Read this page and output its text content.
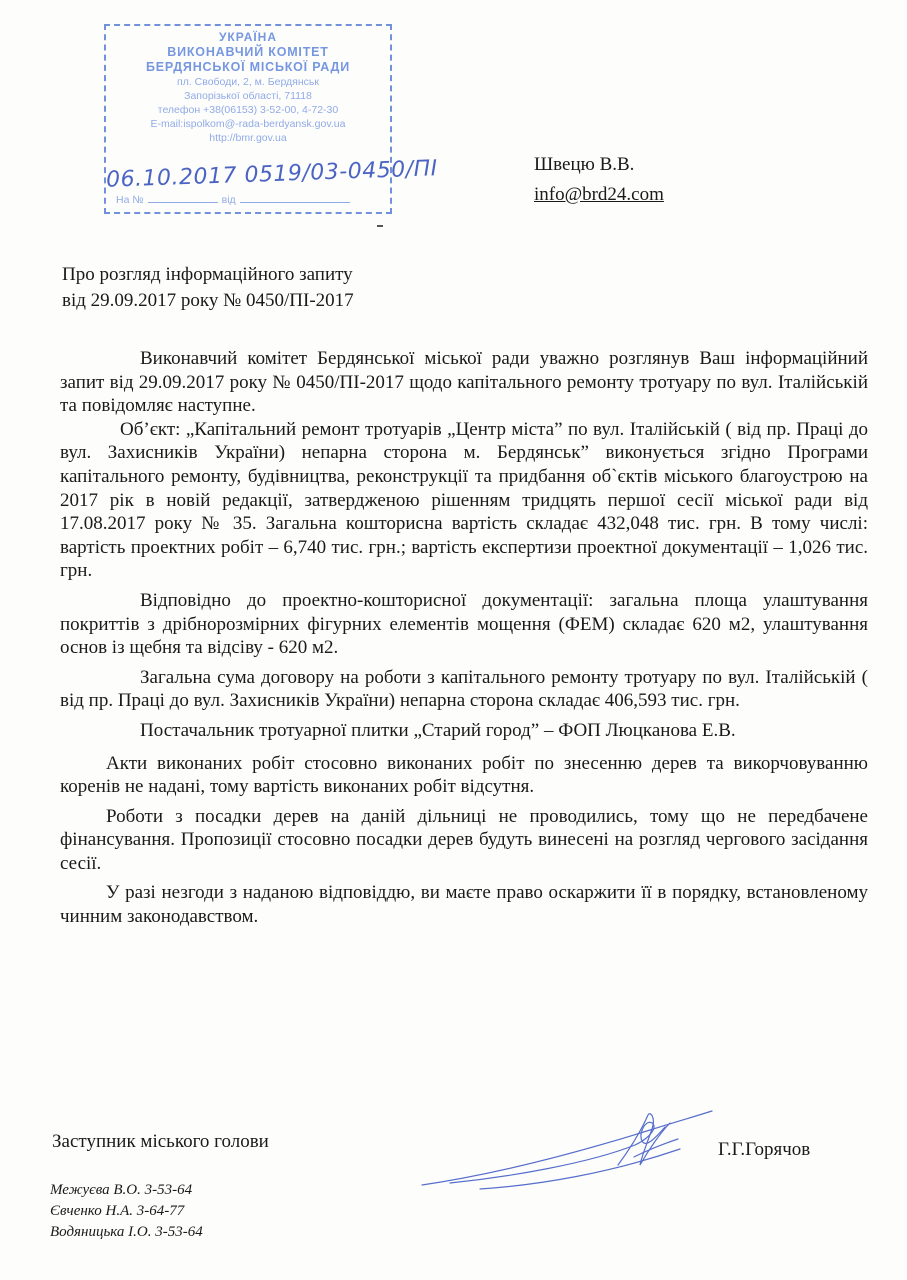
УКРАЇНА
ВИКОНАВЧИЙ КОМІТЕТ
БЕРДЯНСЬКОЇ МІСЬКОЇ РАДИ
пл. Свободи, 2, м. Бердянськ
Запорізької області, 71118
телефон +38(06153) 3-52-00, 4-72-30
E-mail:ispolkom@-rada-berdyansk.gov.ua
http://bmr.gov.ua
06.10.2017 0519/03-0450/ПІ
На №	від
Швецю В.В.
info@brd24.com
Про розгляд інформаційного запиту
від 29.09.2017 року № 0450/ПІ-2017

Виконавчий комітет Бердянської міської ради уважно розглянув Ваш інформаційний запит від 29.09.2017 року № 0450/ПІ-2017 щодо капітального ремонту тротуару по вул. Італійській та повідомляє наступне.

Об’єкт: „Капітальний ремонт тротуарів „Центр міста” по вул. Італійській ( від пр. Праці до вул. Захисників України) непарна сторона м. Бердянськ” виконується згідно Програми капітального ремонту, будівництва, реконструкції та придбання об`єктів міського благоустрою на 2017 рік в новій редакції, затвердженою рішенням тридцять першої сесії міської ради від 17.08.2017 року № 35. Загальна кошторисна вартість складає 432,048 тис. грн. В тому числі: вартість проектних робіт – 6,740 тис. грн.; вартість експертизи проектної документації – 1,026 тис. грн.

Відповідно до проектно-кошторисної документації: загальна площа улаштування покриттів з дрібнорозмірних фігурних елементів мощення (ФЕМ) складає 620 м2, улаштування основ із щебня та відсіву - 620 м2.

Загальна сума договору на роботи з капітального ремонту тротуару по вул. Італійській ( від пр. Праці до вул. Захисників України) непарна сторона складає 406,593 тис. грн.

Постачальник тротуарної плитки „Старий город” – ФОП Люцканова Е.В.

Акти виконаних робіт стосовно виконаних робіт по знесенню дерев та викорчовуванню коренів не надані, тому вартість виконаних робіт відсутня.

Роботи з посадки дерев на даній дільниці не проводились, тому що не передбачене фінансування. Пропозиції стосовно посадки дерев будуть винесені на розгляд чергового засідання сесії.

У разі незгоди з наданою відповіддю, ви маєте право оскаржити її в порядку, встановленому чинним законодавством.

Заступник міського голови	Г.Г.Горячов
Межуєва В.О. 3-53-64
Євченко Н.А. 3-64-77
Водяницька І.О. 3-53-64
